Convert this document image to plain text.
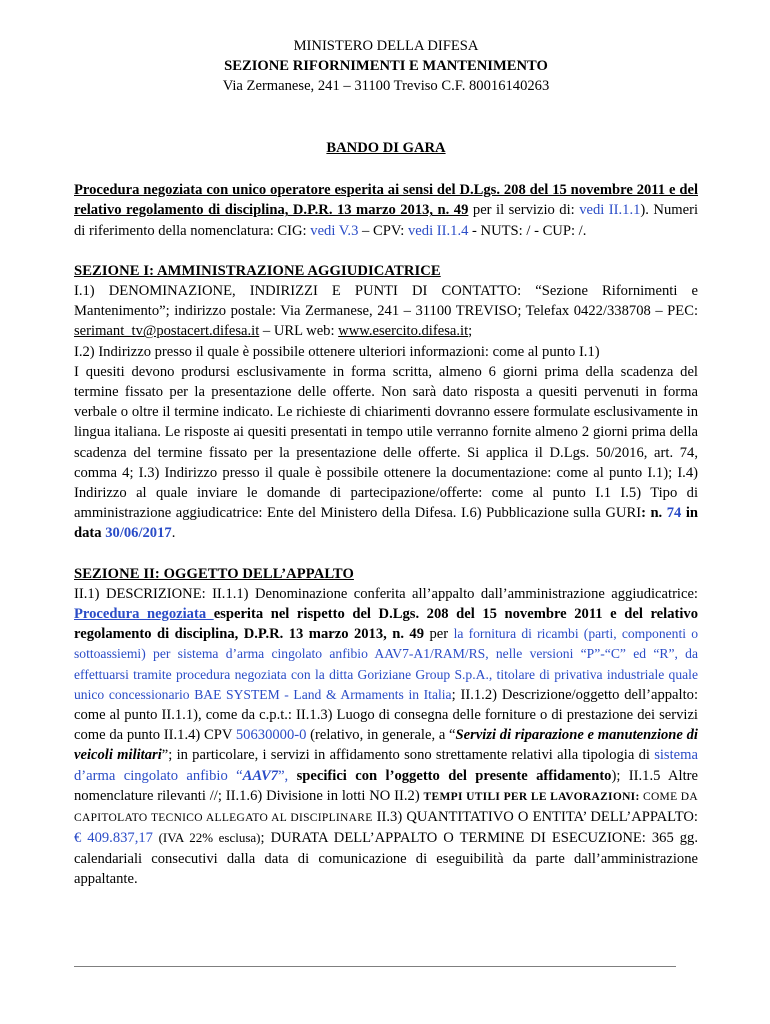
MINISTERO DELLA DIFESA

SEZIONE RIFORNIMENTI E MANTENIMENTO

Via Zermanese, 241 – 31100 Treviso C.F. 80016140263

BANDO DI GARA

Procedura negoziata con unico operatore esperita ai sensi del D.Lgs. 208 del 15 novembre 2011 e del relativo regolamento di disciplina, D.P.R. 13 marzo 2013, n. 49 per il servizio di: vedi II.1.1). Numeri di riferimento della nomenclatura: CIG: vedi V.3 – CPV: vedi II.1.4 - NUTS: / - CUP: /.

SEZIONE I: AMMINISTRAZIONE AGGIUDICATRICE

I.1) DENOMINAZIONE, INDIRIZZI E PUNTI DI CONTATTO: “Sezione Rifornimenti e Mantenimento”; indirizzo postale: Via Zermanese, 241 – 31100 TREVISO; Telefax 0422/338708 – PEC: serimant_tv@postacert.difesa.it – URL web: www.esercito.difesa.it;

I.2) Indirizzo presso il quale è possibile ottenere ulteriori informazioni: come al punto I.1)

I quesiti devono prodursi esclusivamente in forma scritta, almeno 6 giorni prima della scadenza del termine fissato per la presentazione delle offerte. Non sarà dato risposta a quesiti pervenuti in forma verbale o oltre il termine indicato. Le richieste di chiarimenti dovranno essere formulate esclusivamente in lingua italiana. Le risposte ai quesiti presentati in tempo utile verranno fornite almeno 2 giorni prima della scadenza del termine fissato per la presentazione delle offerte. Si applica il D.Lgs. 50/2016, art. 74, comma 4; I.3) Indirizzo presso il quale è possibile ottenere la documentazione: come al punto I.1); I.4) Indirizzo al quale inviare le domande di partecipazione/offerte: come al punto I.1 I.5) Tipo di amministrazione aggiudicatrice: Ente del Ministero della Difesa. I.6) Pubblicazione sulla GURI: n. 74 in data 30/06/2017.

SEZIONE II: OGGETTO DELL’APPALTO

II.1) DESCRIZIONE: II.1.1) Denominazione conferita all’appalto dall’amministrazione aggiudicatrice: Procedura negoziata esperita nel rispetto del D.Lgs. 208 del 15 novembre 2011 e del relativo regolamento di disciplina, D.P.R. 13 marzo 2013, n. 49 per la fornitura di ricambi (parti, componenti o sottoassiemi) per sistema d’arma cingolato anfibio AAV7-A1/RAM/RS, nelle versioni “P”-“C” ed “R”, da effettuarsi tramite procedura negoziata con la ditta Goriziane Group S.p.A., titolare di privativa industriale quale unico concessionario BAE SYSTEM - Land & Armaments in Italia; II.1.2) Descrizione/oggetto dell’appalto: come al punto II.1.1), come da c.p.t.: II.1.3) Luogo di consegna delle forniture o di prestazione dei servizi come da punto II.1.4) CPV 50630000-0 (relativo, in generale, a “Servizi di riparazione e manutenzione di veicoli militari”; in particolare, i servizi in affidamento sono strettamente relativi alla tipologia di sistema d’arma cingolato anfibio “AAV7”, specifici con l’oggetto del presente affidamento); II.1.5 Altre nomenclature rilevanti //; II.1.6) Divisione in lotti NO II.2) TEMPI UTILI PER LE LAVORAZIONI: COME DA CAPITOLATO TECNICO ALLEGATO AL DISCIPLINARE II.3) QUANTITATIVO O ENTITA’ DELL’APPALTO: € 409.837,17 (IVA 22% esclusa); DURATA DELL’APPALTO O TERMINE DI ESECUZIONE: 365 gg. calendariali consecutivi dalla data di comunicazione di eseguibilità da parte dall’amministrazione appaltante.
